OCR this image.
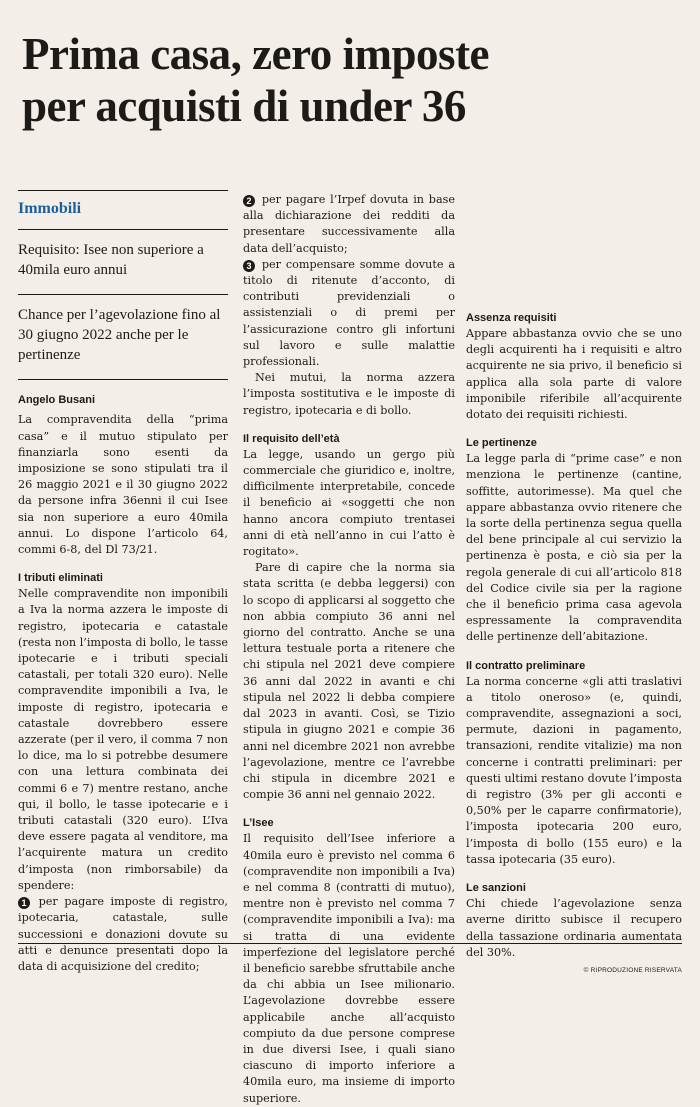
Prima casa, zero imposte
per acquisti di under 36
Immobili
Requisito: Isee non superiore a 40mila euro annui
Chance per l’agevolazione fino al 30 giugno 2022 anche per le pertinenze
Angelo Busani

La compravendita della “prima casa” e il mutuo stipulato per finanziarla sono esenti da imposizione se sono stipulati tra il 26 maggio 2021 e il 30 giugno 2022 da persone infra 36enni il cui Isee sia non superiore a euro 40mila annui. Lo dispone l’articolo 64, commi 6-8, del Dl 73/21.

I tributi eliminati

Nelle compravendite non imponibili a Iva la norma azzera le imposte di registro, ipotecaria e catastale (resta non l’imposta di bollo, le tasse ipotecarie e i tributi speciali catastali, per totali 320 euro). Nelle compravendite imponibili a Iva, le imposte di registro, ipotecaria e catastale dovrebbero essere azzerate (per il vero, il comma 7 non lo dice, ma lo si potrebbe desumere con una lettura combinata dei commi 6 e 7) mentre restano, anche qui, il bollo, le tasse ipotecarie e i tributi catastali (320 euro). L’Iva deve essere pagata al venditore, ma l’acquirente matura un credito d’imposta (non rimborsabile) da spendere:

1 per pagare imposte di registro, ipotecaria, catastale, sulle successioni e donazioni dovute su atti e denunce presentati dopo la data di acquisizione del credito;

2 per pagare l’Irpef dovuta in base alla dichiarazione dei redditi da presentare successivamente alla data dell’acquisto;

3 per compensare somme dovute a titolo di ritenute d’acconto, di contributi previdenziali o assistenziali o di premi per l’assicurazione contro gli infortuni sul lavoro e sulle malattie professionali.

Nei mutui, la norma azzera l’imposta sostitutiva e le imposte di registro, ipotecaria e di bollo.

Il requisito dell’età

La legge, usando un gergo più commerciale che giuridico e, inoltre, difficilmente interpretabile, concede il beneficio ai «soggetti che non hanno ancora compiuto trentasei anni di età nell’anno in cui l’atto è rogitato».

Pare di capire che la norma sia stata scritta (e debba leggersi) con lo scopo di applicarsi al soggetto che non abbia compiuto 36 anni nel giorno del contratto. Anche se una lettura testuale porta a ritenere che chi stipula nel 2021 deve compiere 36 anni dal 2022 in avanti e chi stipula nel 2022 li debba compiere dal 2023 in avanti. Così, se Tizio stipula in giugno 2021 e compie 36 anni nel dicembre 2021 non avrebbe l’agevolazione, mentre ce l’avrebbe chi stipula in dicembre 2021 e compie 36 anni nel gennaio 2022.

L’Isee

Il requisito dell’Isee inferiore a 40mila euro è previsto nel comma 6 (compravendite non imponibili a Iva) e nel comma 8 (contratti di mutuo), mentre non è previsto nel comma 7 (compravendite imponibili a Iva): ma si tratta di una evidente imperfezione del legislatore perché il beneficio sarebbe sfruttabile anche da chi abbia un Isee milionario. L’agevolazione dovrebbe essere applicabile anche all’acquisto compiuto da due persone comprese in due diversi Isee, i quali siano ciascuno di importo inferiore a 40mila euro, ma insieme di importo superiore.

Assenza requisiti

Appare abbastanza ovvio che se uno degli acquirenti ha i requisiti e altro acquirente ne sia privo, il beneficio si applica alla sola parte di valore imponibile riferibile all’acquirente dotato dei requisiti richiesti.

Le pertinenze

La legge parla di “prime case” e non menziona le pertinenze (cantine, soffitte, autorimesse). Ma quel che appare abbastanza ovvio ritenere che la sorte della pertinenza segua quella del bene principale al cui servizio la pertinenza è posta, e ciò sia per la regola generale di cui all’articolo 818 del Codice civile sia per la ragione che il beneficio prima casa agevola espressamente la compravendita delle pertinenze dell’abitazione.

Il contratto preliminare

La norma concerne «gli atti traslativi a titolo oneroso» (e, quindi, compravendite, assegnazioni a soci, permute, dazioni in pagamento, transazioni, rendite vitalizie) ma non concerne i contratti preliminari: per questi ultimi restano dovute l’imposta di registro (3% per gli acconti e 0,50% per le caparre confirmatorie), l’imposta ipotecaria 200 euro, l’imposta di bollo (155 euro) e la tassa ipotecaria (35 euro).

Le sanzioni

Chi chiede l’agevolazione senza averne diritto subisce il recupero della tassazione ordinaria aumentata del 30%.

© RIPRODUZIONE RISERVATA
